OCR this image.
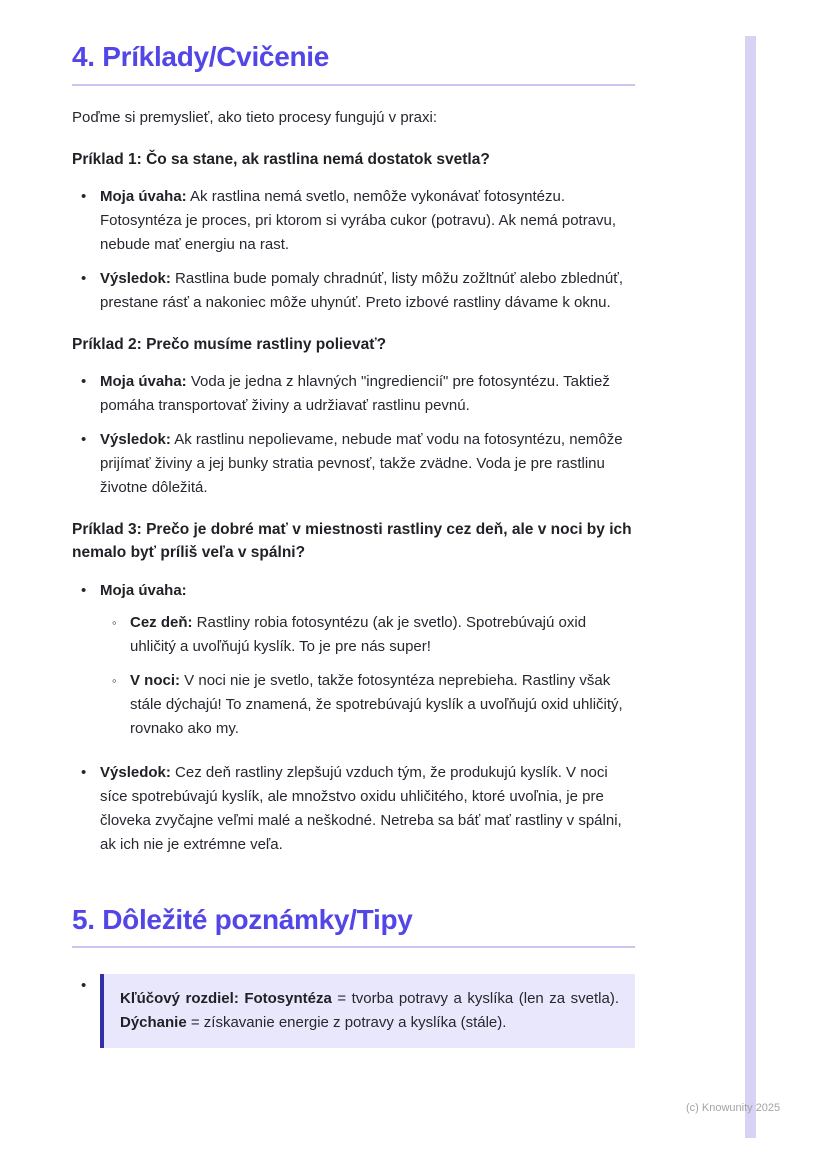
4. Príklady/Cvičenie

Poďme si premyslieť, ako tieto procesy fungujú v praxi:

Príklad 1: Čo sa stane, ak rastlina nemá dostatok svetla?

• Moja úvaha: Ak rastlina nemá svetlo, nemôže vykonávať fotosyntézu. Fotosyntéza je proces, pri ktorom si vyrába cukor (potravu). Ak nemá potravu, nebude mať energiu na rast.
• Výsledok: Rastlina bude pomaly chradnúť, listy môžu zožltnúť alebo zblednúť, prestane rásť a nakoniec môže uhynúť. Preto izbové rastliny dávame k oknu.

Príklad 2: Prečo musíme rastliny polievať?

• Moja úvaha: Voda je jedna z hlavných "ingrediencií" pre fotosyntézu. Taktiež pomáha transportovať živiny a udržiavať rastlinu pevnú.
• Výsledok: Ak rastlinu nepolievame, nebude mať vodu na fotosyntézu, nemôže prijímať živiny a jej bunky stratia pevnosť, takže zvädne. Voda je pre rastlinu životne dôležitá.

Príklad 3: Prečo je dobré mať v miestnosti rastliny cez deň, ale v noci by ich nemalo byť príliš veľa v spálni?

• Moja úvaha:
◦ Cez deň: Rastliny robia fotosyntézu (ak je svetlo). Spotrebúvajú oxid uhličitý a uvoľňujú kyslík. To je pre nás super!
◦ V noci: V noci nie je svetlo, takže fotosyntéza neprebieha. Rastliny však stále dýchajú! To znamená, že spotrebúvajú kyslík a uvoľňujú oxid uhličitý, rovnako ako my.
• Výsledok: Cez deň rastliny zlepšujú vzduch tým, že produkujú kyslík. V noci síce spotrebúvajú kyslík, ale množstvo oxidu uhličitého, ktoré uvoľnia, je pre človeka zvyčajne veľmi malé a neškodné. Netreba sa báť mať rastliny v spálni, ak ich nie je extrémne veľa.
5. Dôležité poznámky/Tipy
•
Kľúčový rozdiel: Fotosyntéza = tvorba potravy a kyslíka (len za svetla). Dýchanie = získavanie energie z potravy a kyslíka (stále).
(c) Knowunity 2025
